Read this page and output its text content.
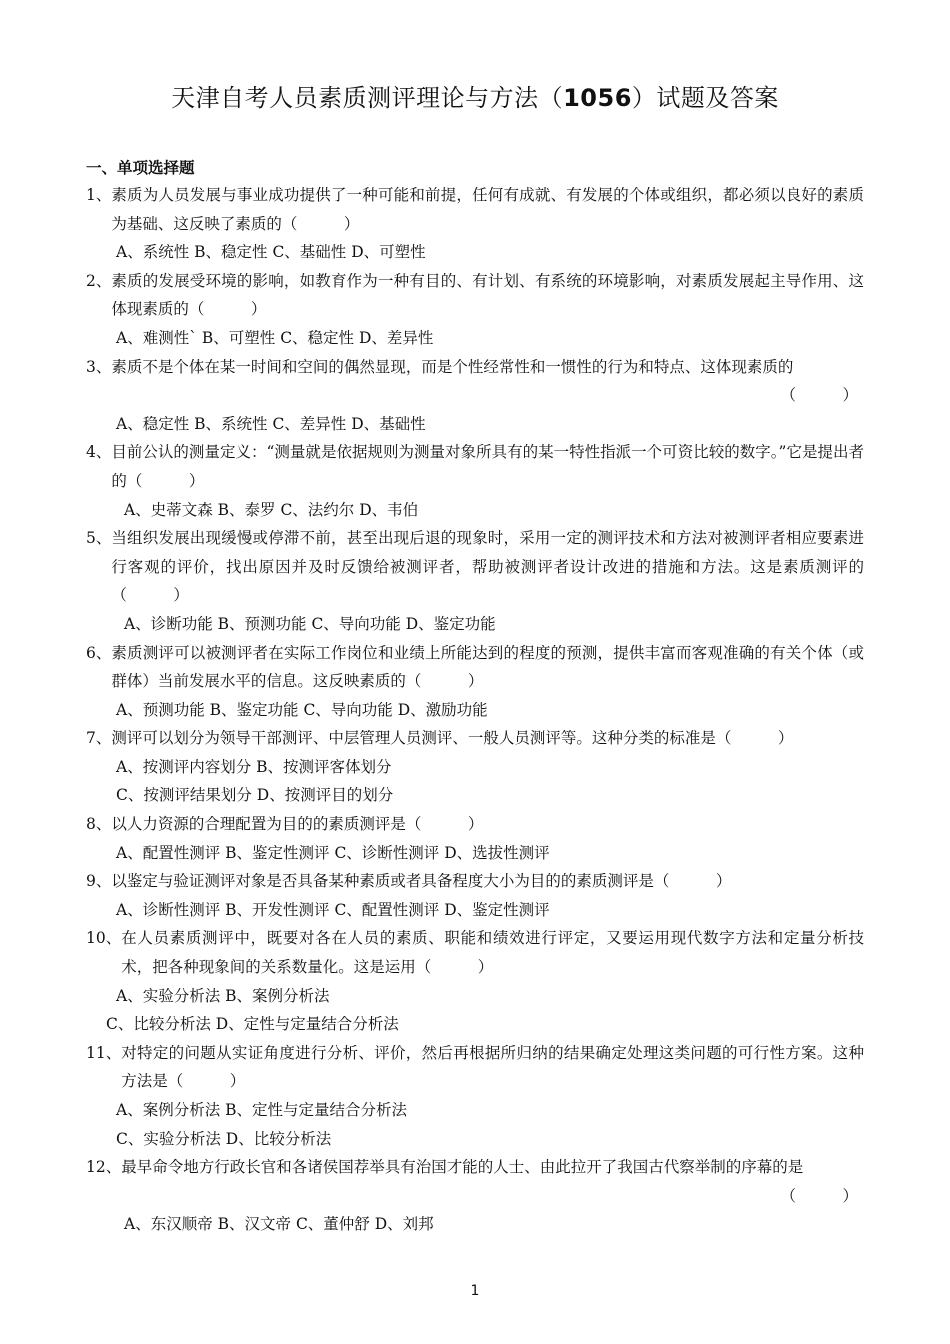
天津自考人员素质测评理论与方法（1056）试题及答案
一、单项选择题
1、 素质为人员发展与事业成功提供了一种可能和前提，任何有成就、有发展的个体或组织，都必须以良好的素质为基础、这反映了素质的（　　　）
A、系统性 B、稳定性 C、基础性 D、可塑性
2、 素质的发展受环境的影响，如教育作为一种有目的、有计划、有系统的环境影响，对素质发展起主导作用、这体现素质的（　　　）
A、难测性` B、可塑性 C、稳定性 D、差异性
3、 素质不是个体在某一时间和空间的偶然显现，而是个性经常性和一惯性的行为和特点、这体现素质的
（　　　）
A、稳定性 B、系统性 C、差异性 D、基础性
4、 目前公认的测量定义：“测量就是依据规则为测量对象所具有的某一特性指派一个可资比较的数字。”它是提出者的（　　　）
A、史蒂文森 B、泰罗 C、法约尔 D、韦伯
5、 当组织发展出现缓慢或停滞不前，甚至出现后退的现象时，采用一定的测评技术和方法对被测评者相应要素进行客观的评价，找出原因并及时反馈给被测评者，帮助被测评者设计改进的措施和方法。这是素质测评的（　　　）
A、诊断功能 B、预测功能 C、导向功能 D、鉴定功能
6、 素质测评可以被测评者在实际工作岗位和业绩上所能达到的程度的预测，提供丰富而客观准确的有关个体（或群体）当前发展水平的信息。这反映素质的（　　　）
A、预测功能 B、鉴定功能 C、导向功能 D、激励功能
7、 测评可以划分为领导干部测评、中层管理人员测评、一般人员测评等。这种分类的标准是（　　　）
A、按测评内容划分 B、按测评客体划分
C、按测评结果划分 D、按测评目的划分
8、 以人力资源的合理配置为目的的素质测评是（　　　）
A、配置性测评 B、鉴定性测评 C、诊断性测评 D、选拔性测评
9、 以鉴定与验证测评对象是否具备某种素质或者具备程度大小为目的的素质测评是（　　　）
A、诊断性测评 B、开发性测评 C、配置性测评 D、鉴定性测评
10、 在人员素质测评中，既要对各在人员的素质、职能和绩效进行评定，又要运用现代数字方法和定量分析技术，把各种现象间的关系数量化。这是运用（　　　）
A、实验分析法 B、案例分析法
C、比较分析法 D、定性与定量结合分析法
11、 对特定的问题从实证角度进行分析、评价，然后再根据所归纳的结果确定处理这类问题的可行性方案。这种方法是（　　　）
A、案例分析法 B、定性与定量结合分析法
C、实验分析法 D、比较分析法
12、 最早命令地方行政长官和各诸侯国荐举具有治国才能的人士、由此拉开了我国古代察举制的序幕的是
（　　　）
A、东汉顺帝 B、汉文帝 C、董仲舒 D、刘邦
1
